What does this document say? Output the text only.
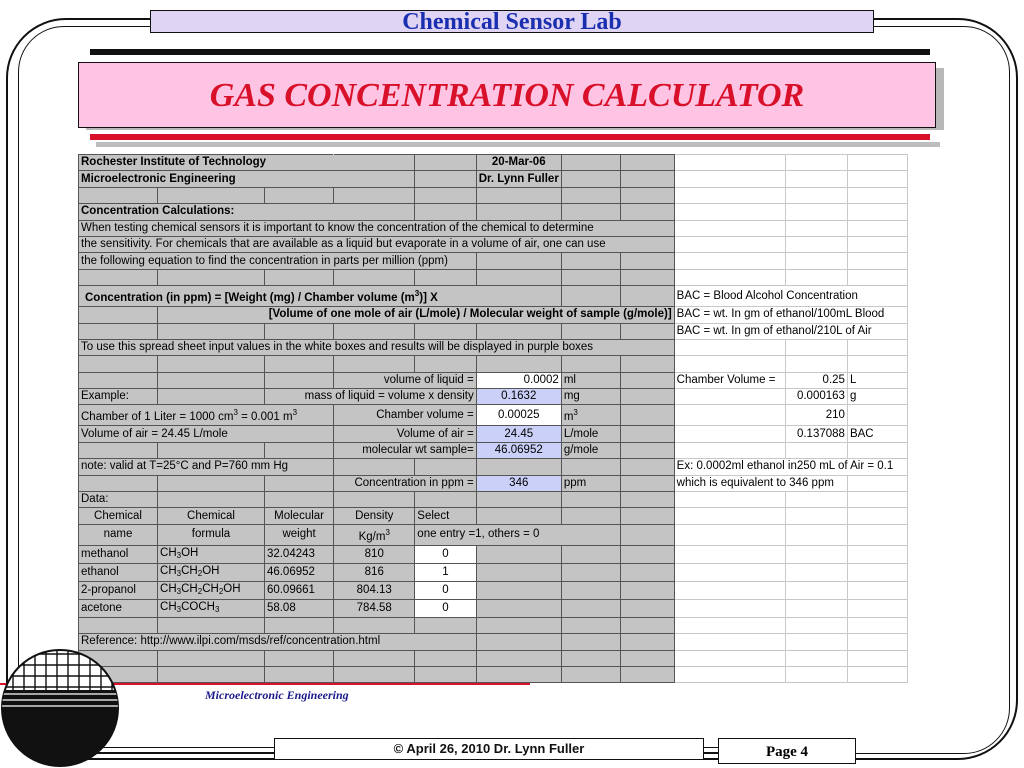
Chemical Sensor Lab
GAS CONCENTRATION CALCULATOR
Rochester Institute of Technology					20-Mar-06					
Microelectronic Engineering					Dr. Lynn Fuller					

Concentration Calculations:										
When testing chemical sensors it is important to know the concentration of the chemical to determine										
the sensitivity. For chemicals that are available as a liquid but evaporate in a volume of air, one can use										
the following equation to find the concentration in parts per million (ppm)										

Concentration (in ppm) = [Weight (mg) / Chamber volume $(m^3)$] X								BAC = Blood Alcohol Concentration		
	[Volume of one mole of air (L/mole) / Molecular weight of sample (g/mole)]							BAC = wt. In gm of ethanol/100mL Blood		
								BAC = wt. In gm of ethanol/210L of Air		
To use this spread sheet input values in the white boxes and results will be displayed in purple boxes										

			volume of liquid =		0.0002	ml		Chamber Volume =	0.25	L
Example:		mass of liquid = volume x density			0.1632	mg			0.000163	g
Chamber of 1 Liter = 1000 $cm^3 = 0.001$ $m^3$			Chamber volume =		0.00025	$m^3$			210	
Volume of air = 24.45 L/mole			Volume of air =		24.45	L/mole			0.137088	BAC
			molecular wt sample=		46.06952	g/mole				
note: valid at T=25°C and P=760 mm Hg								Ex: 0.0002ml ethanol in250 mL of Air = 0.1		
			Concentration in ppm =		346	ppm		which is equivalent to 346 ppm		
Data:										
Chemical	Chemical	Molecular	Density	Select						
name	formula	weight	$Kg/m^3$	one entry =1, others = 0						
methanol	$CH_3OH$	32.04243	810	0						
ethanol	$CH_3CH_2OH$	46.06952	816	1						
2-propanol	$CH_3CH_2CH_2OH$	60.09661	804.13	0						
acetone	$CH_3COCH_3$	58.08	784.58	0						

Reference: http://www.ilpi.com/msds/ref/concentration.html										

Microelectronic Engineering
© April 26, 2010 Dr. Lynn Fuller	Page 4
